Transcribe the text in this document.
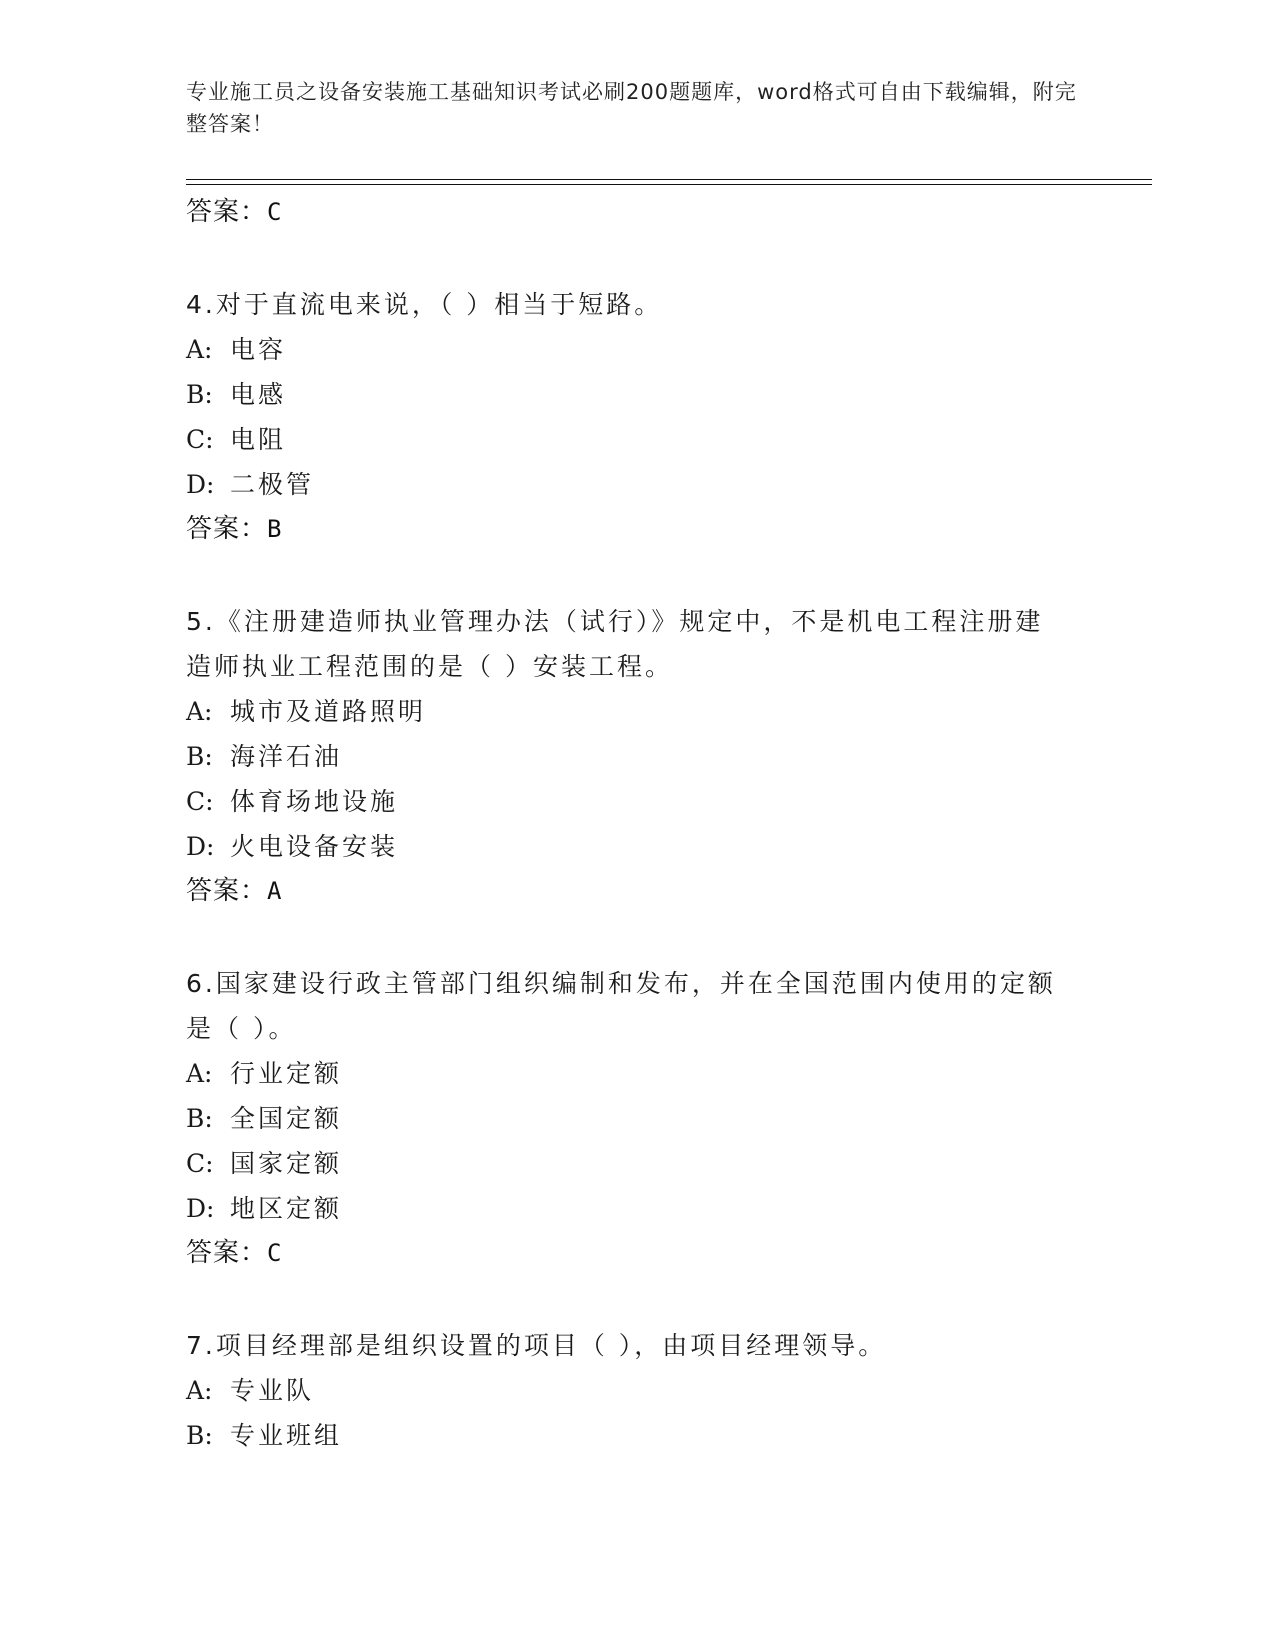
专业施工员之设备安装施工基础知识考试必刷200题题库，word格式可自由下载编辑，附完整答案！
答案：C
4.对于直流电来说，（ ）相当于短路。
A: 电容
B: 电感
C: 电阻
D: 二极管
答案：B
5.《注册建造师执业管理办法（试行）》规定中，不是机电工程注册建造师执业工程范围的是（ ）安装工程。
A: 城市及道路照明
B: 海洋石油
C: 体育场地设施
D: 火电设备安装
答案：A
6.国家建设行政主管部门组织编制和发布，并在全国范围内使用的定额是（ ）。
A: 行业定额
B: 全国定额
C: 国家定额
D: 地区定额
答案：C
7.项目经理部是组织设置的项目（ ），由项目经理领导。
A: 专业队
B: 专业班组
